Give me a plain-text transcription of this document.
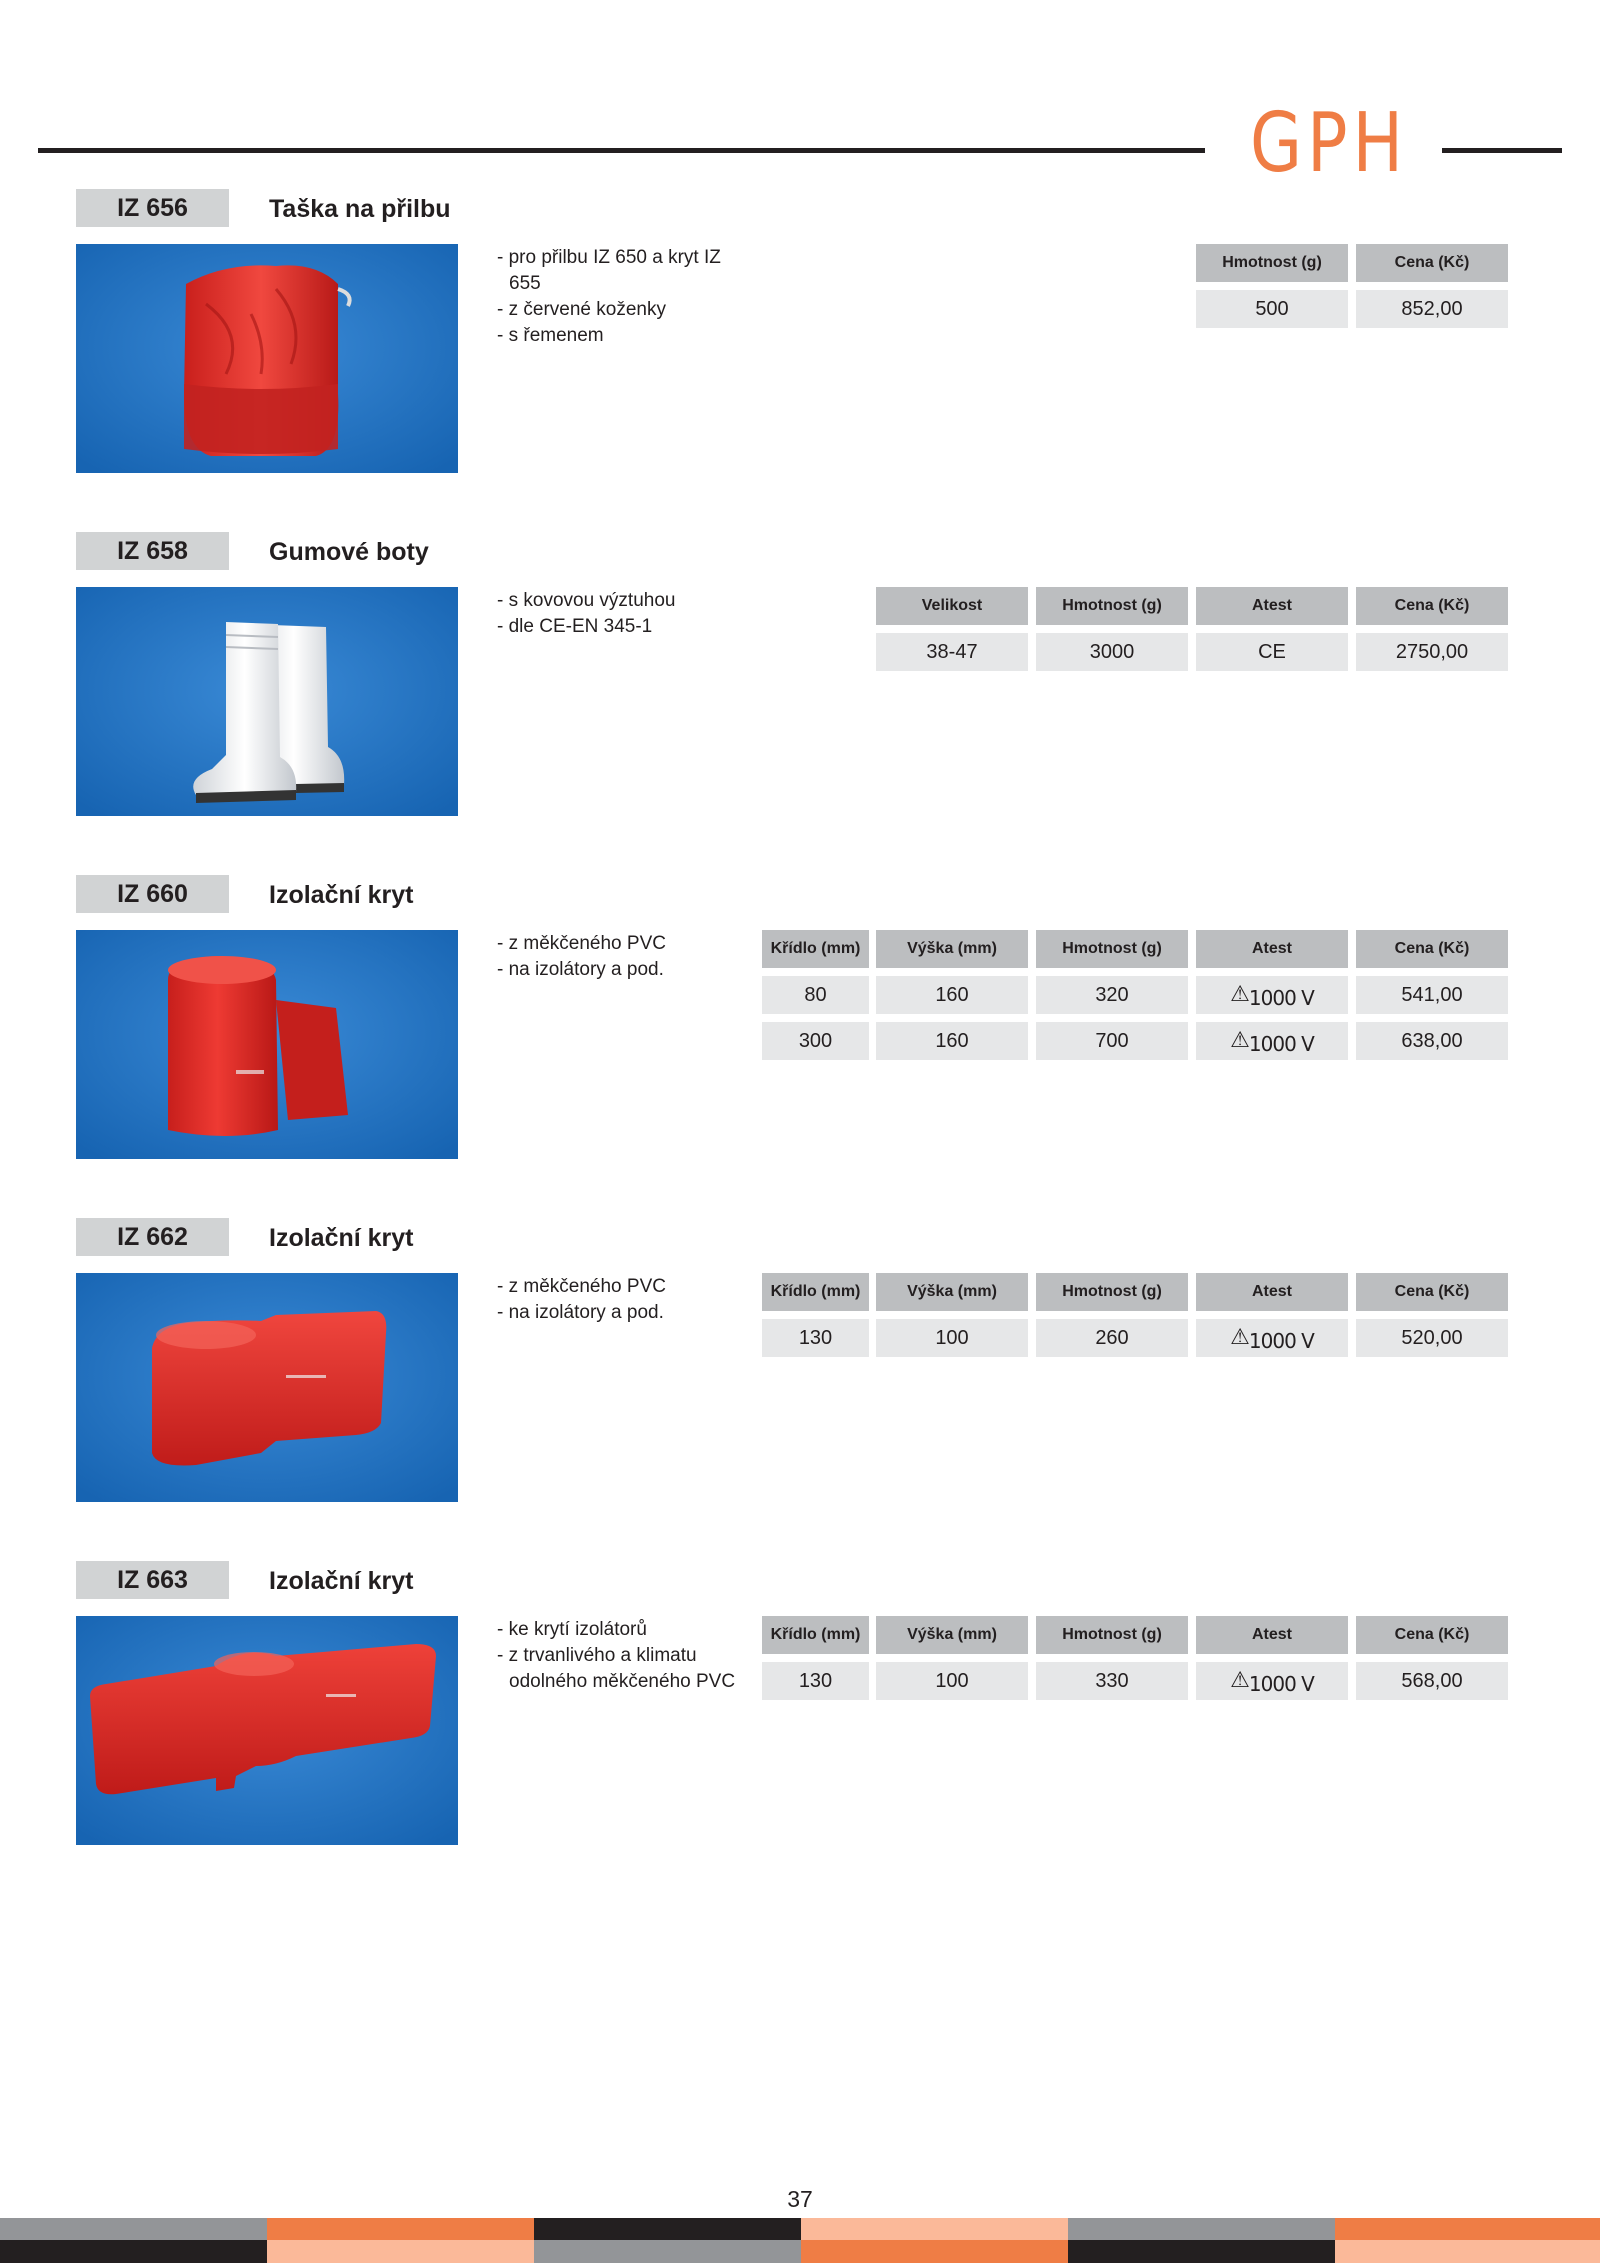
GPH
IZ 656	Taška na přilbu
- pro přilbu IZ 650 a kryt IZ 655
- z červené koženky
- s řemenem
Hmotnost (g)	Cena (Kč)
500	852,00
IZ 658	Gumové boty
- s kovovou výztuhou
- dle CE-EN 345-1
Velikost	Hmotnost (g)	Atest	Cena (Kč)
38-47	3000	CE	2750,00
IZ 660	Izolační kryt
- z měkčeného PVC
- na izolátory a pod.
Křídlo (mm)	Výška (mm)	Hmotnost (g)	Atest	Cena (Kč)
80	160	320	⚠1000 V	541,00
300	160	700	⚠1000 V	638,00
IZ 662	Izolační kryt
- z měkčeného PVC
- na izolátory a pod.
Křídlo (mm)	Výška (mm)	Hmotnost (g)	Atest	Cena (Kč)
130	100	260	⚠1000 V	520,00
IZ 663	Izolační kryt
- ke krytí izolátorů
- z trvanlivého a klimatu odolného měkčeného PVC
Křídlo (mm)	Výška (mm)	Hmotnost (g)	Atest	Cena (Kč)
130	100	330	⚠1000 V	568,00
37
